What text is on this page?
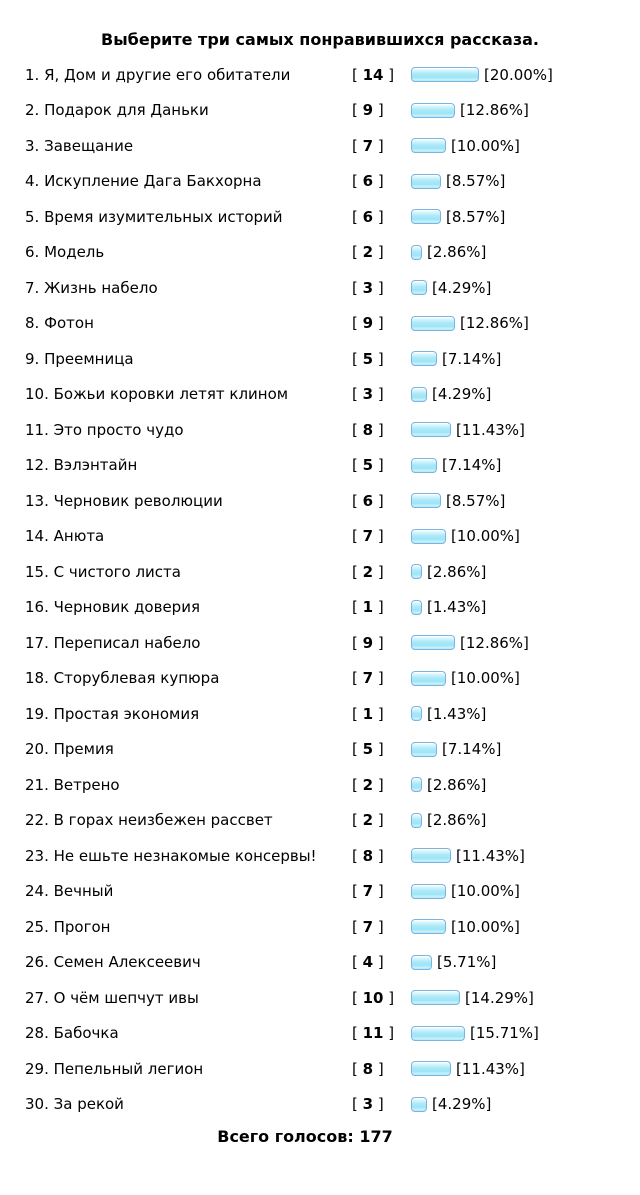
Выберите три самых понравившихся рассказа.
1. Я, Дом и другие его обитатели	[ 14 ]	[20.00%]
2. Подарок для Даньки	[ 9 ]	[12.86%]
3. Завещание	[ 7 ]	[10.00%]
4. Искупление Дага Бакхорна	[ 6 ]	[8.57%]
5. Время изумительных историй	[ 6 ]	[8.57%]
6. Модель	[ 2 ]	[2.86%]
7. Жизнь набело	[ 3 ]	[4.29%]
8. Фотон	[ 9 ]	[12.86%]
9. Преемница	[ 5 ]	[7.14%]
10. Божьи коровки летят клином	[ 3 ]	[4.29%]
11. Это просто чудо	[ 8 ]	[11.43%]
12. Вэлэнтайн	[ 5 ]	[7.14%]
13. Черновик революции	[ 6 ]	[8.57%]
14. Анюта	[ 7 ]	[10.00%]
15. С чистого листа	[ 2 ]	[2.86%]
16. Черновик доверия	[ 1 ]	[1.43%]
17. Переписал набело	[ 9 ]	[12.86%]
18. Сторублевая купюра	[ 7 ]	[10.00%]
19. Простая экономия	[ 1 ]	[1.43%]
20. Премия	[ 5 ]	[7.14%]
21. Ветрено	[ 2 ]	[2.86%]
22. В горах неизбежен рассвет	[ 2 ]	[2.86%]
23. Не ешьте незнакомые консервы!	[ 8 ]	[11.43%]
24. Вечный	[ 7 ]	[10.00%]
25. Прогон	[ 7 ]	[10.00%]
26. Семен Алексеевич	[ 4 ]	[5.71%]
27. О чём шепчут ивы	[ 10 ]	[14.29%]
28. Бабочка	[ 11 ]	[15.71%]
29. Пепельный легион	[ 8 ]	[11.43%]
30. За рекой	[ 3 ]	[4.29%]
Всего голосов: 177
